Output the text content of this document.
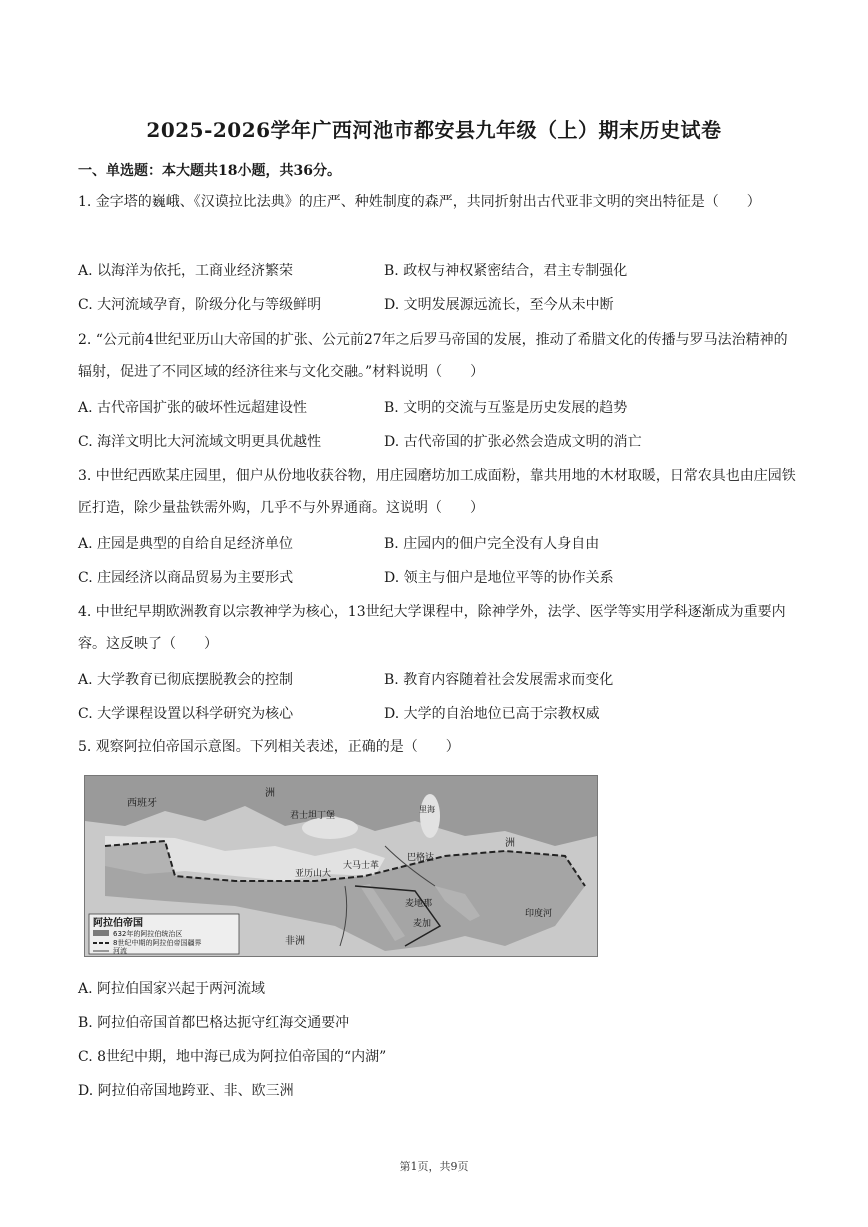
2025-2026学年广西河池市都安县九年级（上）期末历史试卷
一、单选题：本大题共18小题，共36分。
1. 金字塔的巍峨、《汉谟拉比法典》的庄严、种姓制度的森严，共同折射出古代亚非文明的突出特征是（　　）
A. 以海洋为依托，工商业经济繁荣	B. 政权与神权紧密结合，君主专制强化
C. 大河流域孕育，阶级分化与等级鲜明	D. 文明发展源远流长，至今从未中断
2. “公元前4世纪亚历山大帝国的扩张、公元前27年之后罗马帝国的发展，推动了希腊文化的传播与罗马法治精神的辐射，促进了不同区域的经济往来与文化交融。”材料说明（　　）
A. 古代帝国扩张的破坏性远超建设性	B. 文明的交流与互鉴是历史发展的趋势
C. 海洋文明比大河流域文明更具优越性	D. 古代帝国的扩张必然会造成文明的消亡
3. 中世纪西欧某庄园里，佃户从份地收获谷物，用庄园磨坊加工成面粉，靠共用地的木材取暖，日常农具也由庄园铁匠打造，除少量盐铁需外购，几乎不与外界通商。这说明（　　）
A. 庄园是典型的自给自足经济单位	B. 庄园内的佃户完全没有人身自由
C. 庄园经济以商品贸易为主要形式	D. 领主与佃户是地位平等的协作关系
4. 中世纪早期欧洲教育以宗教神学为核心，13世纪大学课程中，除神学外，法学、医学等实用学科逐渐成为重要内容。这反映了（　　）
A. 大学教育已彻底摆脱教会的控制	B. 教育内容随着社会发展需求而变化
C. 大学课程设置以科学研究为核心	D. 大学的自治地位已高于宗教权威
5. 观察阿拉伯帝国示意图。下列相关表述，正确的是（　　）
西班牙
洲
君士坦丁堡
里海
大马士革
巴格达
亚历山大
麦地那
麦加
洲
印度河
非洲
阿拉伯帝国
632年的阿拉伯统治区
8世纪中期的阿拉伯帝国疆界
河流
A. 阿拉伯国家兴起于两河流域
B. 阿拉伯帝国首都巴格达扼守红海交通要冲
C. 8世纪中期，地中海已成为阿拉伯帝国的“内湖”
D. 阿拉伯帝国地跨亚、非、欧三洲
第1页，共9页
